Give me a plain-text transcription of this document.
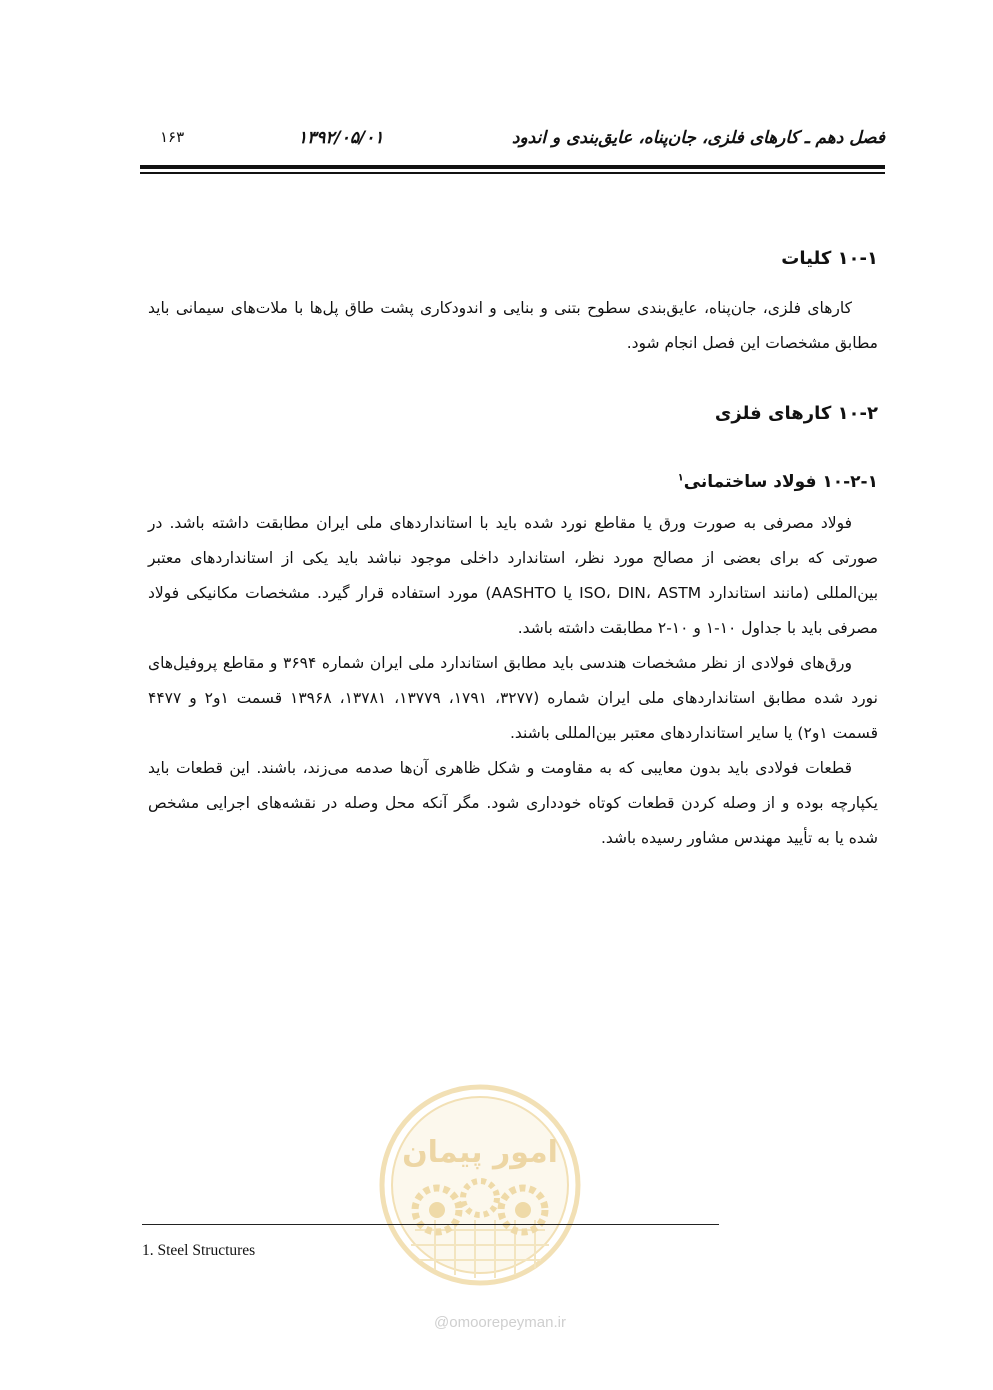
فصل دهم ـ کارهای فلزی، جان‌پناه، عایق‌بندی و اندود
۱۳۹۲/۰۵/۰۱
۱۶۳
۱۰-۱ کلیات

کارهای فلزی، جان‌پناه، عایق‌بندی سطوح بتنی و بنایی و اندودکاری پشت طاق پل‌ها با ملات‌های سیمانی باید مطابق مشخصات این فصل انجام شود.

۱۰-۲ کارهای فلزی
۱۰-۲-۱ فولاد ساختمانی$^۱$

فولاد مصرفی به صورت ورق یا مقاطع نورد شده باید با استانداردهای ملی ایران مطابقت داشته باشد. در صورتی که برای بعضی از مصالح مورد نظر، استاندارد داخلی موجود نباشد باید یکی از استانداردهای معتبر بین‌المللی (مانند استاندارد ISO، DIN، ASTM یا AASHTO) مورد استفاده قرار گیرد. مشخصات مکانیکی فولاد مصرفی باید با جداول ۱۰-۱ و ۱۰-۲ مطابقت داشته باشد.

ورق‌های فولادی از نظر مشخصات هندسی باید مطابق استاندارد ملی ایران شماره ۳۶۹۴ و مقاطع پروفیل‌های نورد شده مطابق استانداردهای ملی ایران شماره (۳۲۷۷، ۱۷۹۱، ۱۳۷۷۹، ۱۳۷۸۱، ۱۳۹۶۸ قسمت ۱و۲ و ۴۴۷۷ قسمت ۱و۲) یا سایر استانداردهای معتبر بین‌المللی باشند.

قطعات فولادی باید بدون معایبی که به مقاومت و شکل ظاهری آن‌ها صدمه می‌زند، باشند. این قطعات باید یکپارچه بوده و از وصله کردن قطعات کوتاه خودداری شود. مگر آنکه محل وصله در نقشه‌های اجرایی مشخص شده یا به تأیید مهندس مشاور رسیده باشد.

امور پیمان
@omoorepeyman.ir
1. Steel Structures
